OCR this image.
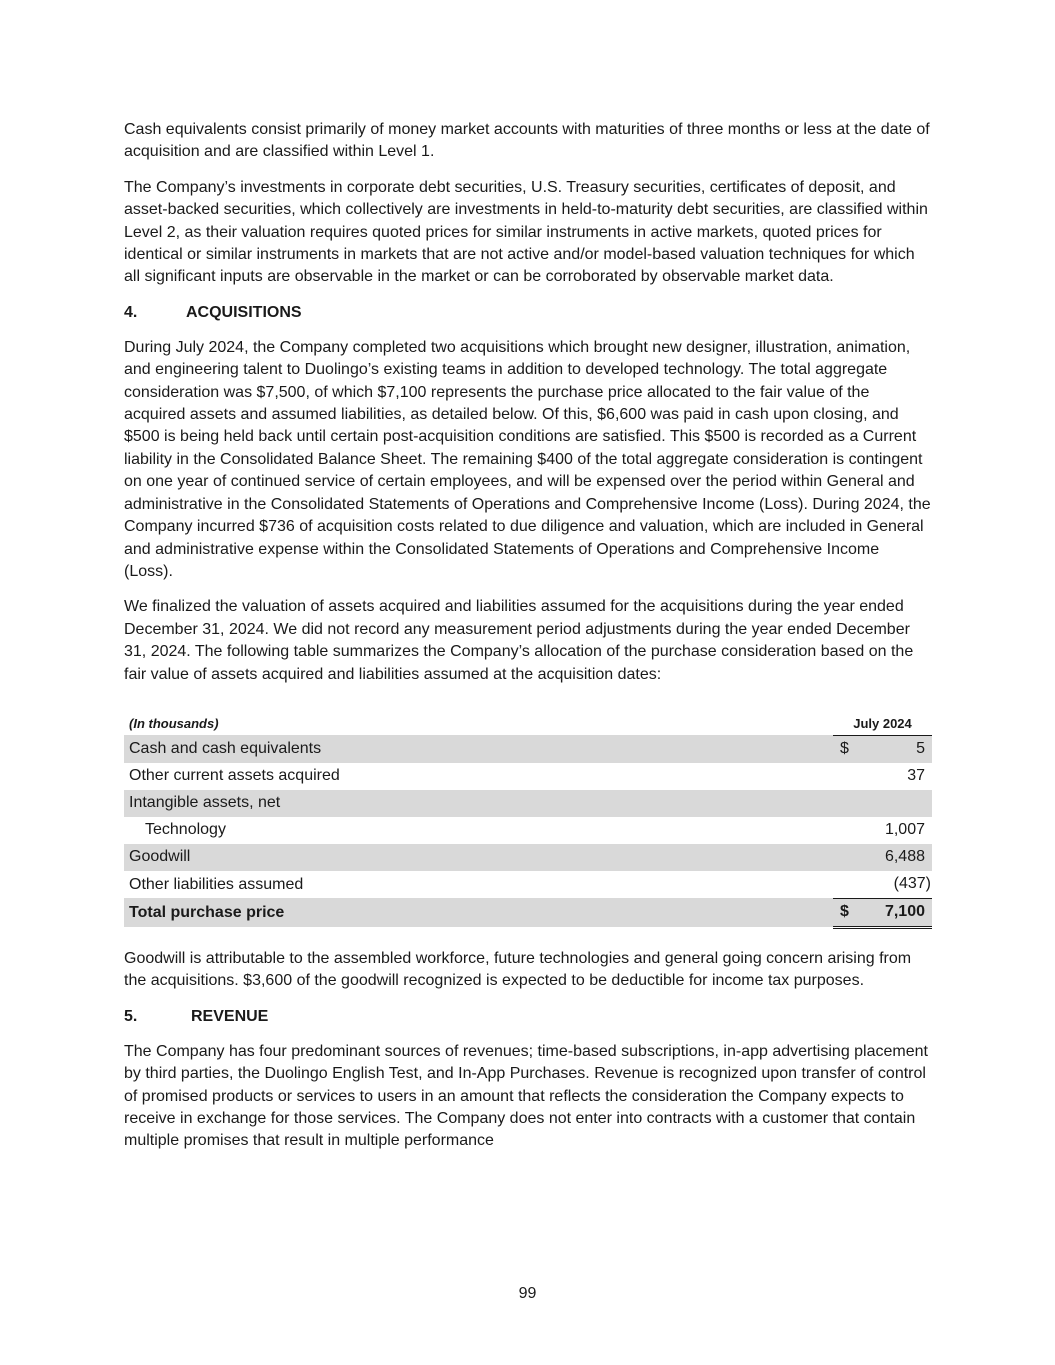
Cash equivalents consist primarily of money market accounts with maturities of three months or less at the date of acquisition and are classified within Level 1.

The Company’s investments in corporate debt securities, U.S. Treasury securities, certificates of deposit, and asset-backed securities, which collectively are investments in held-to-maturity debt securities, are classified within Level 2, as their valuation requires quoted prices for similar instruments in active markets, quoted prices for identical or similar instruments in markets that are not active and/or model-based valuation techniques for which all significant inputs are observable in the market or can be corroborated by observable market data.

4.	ACQUISITIONS

During July 2024, the Company completed two acquisitions which brought new designer, illustration, animation, and engineering talent to Duolingo’s existing teams in addition to developed technology. The total aggregate consideration was $7,500, of which $7,100 represents the purchase price allocated to the fair value of the acquired assets and assumed liabilities, as detailed below. Of this, $6,600 was paid in cash upon closing, and $500 is being held back until certain post-acquisition conditions are satisfied. This $500 is recorded as a Current liability in the Consolidated Balance Sheet. The remaining $400 of the total aggregate consideration is contingent on one year of continued service of certain employees, and will be expensed over the period within General and administrative in the Consolidated Statements of Operations and Comprehensive Income (Loss). During 2024, the Company incurred $736 of acquisition costs related to due diligence and valuation, which are included in General and administrative expense within the Consolidated Statements of Operations and Comprehensive Income (Loss).

We finalized the valuation of assets acquired and liabilities assumed for the acquisitions during the year ended December 31, 2024. We did not record any measurement period adjustments during the year ended December 31, 2024. The following table summarizes the Company’s allocation of the purchase consideration based on the fair value of assets acquired and liabilities assumed at the acquisition dates:

(In thousands)	July 2024		
Cash and cash equivalents	$	5	
Other current assets acquired		37	
Intangible assets, net			
Technology		1,007	
Goodwill		6,488	
Other liabilities assumed		(437)	
Total purchase price	$	7,100	

Goodwill is attributable to the assembled workforce, future technologies and general going concern arising from the acquisitions. $3,600 of the goodwill recognized is expected to be deductible for income tax purposes.

5.	REVENUE

The Company has four predominant sources of revenues; time-based subscriptions, in-app advertising placement by third parties, the Duolingo English Test, and In-App Purchases. Revenue is recognized upon transfer of control of promised products or services to users in an amount that reflects the consideration the Company expects to receive in exchange for those services. The Company does not enter into contracts with a customer that contain multiple promises that result in multiple performance

99
